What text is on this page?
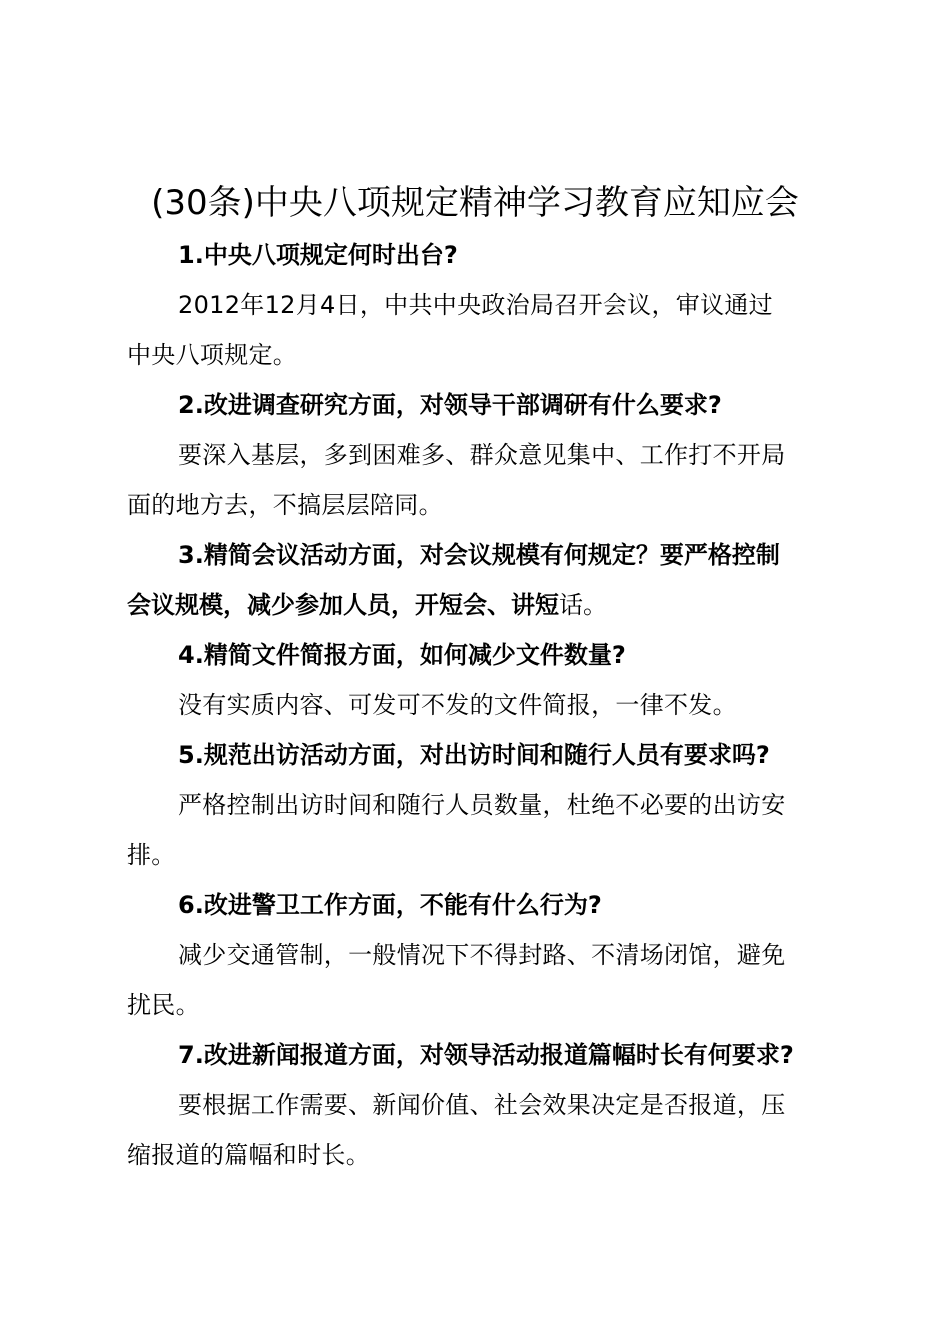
(30条)中央八项规定精神学习教育应知应会
1.中央八项规定何时出台?
2012年12月4日，中共中央政治局召开会议，审议通过
中央八项规定。
2.改进调查研究方面，对领导干部调研有什么要求?
要深入基层，多到困难多、群众意见集中、工作打不开局
面的地方去，不搞层层陪同。
3.精简会议活动方面，对会议规模有何规定？要严格控制
会议规模，减少参加人员，开短会、讲短话。
4.精简文件简报方面，如何减少文件数量?
没有实质内容、可发可不发的文件简报，一律不发。
5.规范出访活动方面，对出访时间和随行人员有要求吗?
严格控制出访时间和随行人员数量，杜绝不必要的出访安
排。
6.改进警卫工作方面，不能有什么行为?
减少交通管制，一般情况下不得封路、不清场闭馆，避免
扰民。
7.改进新闻报道方面，对领导活动报道篇幅时长有何要求?
要根据工作需要、新闻价值、社会效果决定是否报道，压
缩报道的篇幅和时长。
